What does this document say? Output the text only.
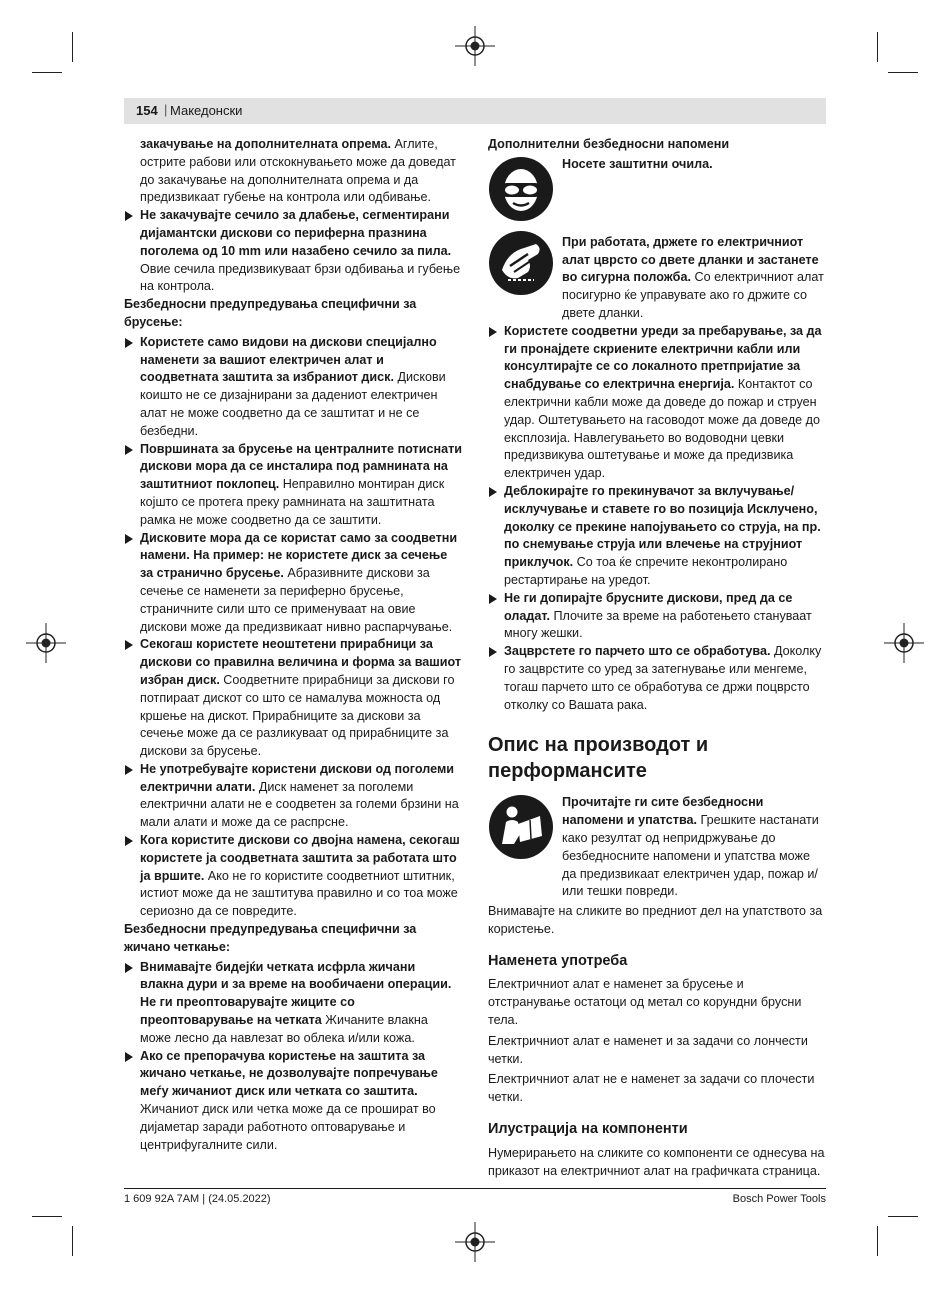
154 | Македонски

закачување на дополнителната опрема. Аглите, острите рабови или отскокнувањето може да доведат до закачување на дополнителната опрема и да предизвикаат губење на контрола или одбивање.

Не закачувајте сечило за длабење, сегментирани дијамантски дискови со периферна празнина поголема од 10 mm или назабено сечило за пила. Овие сечила предизвикуваат брзи одбивања и губење на контрола.

Безбедносни предупредувања специфични за брусење:

Користете само видови на дискови специјално наменети за вашиот електричен алат и соодветната заштита за избраниот диск. Дискови коишто не се дизајнирани за дадениот електричен алат не може соодветно да се заштитат и не се безбедни.

Површината за брусење на централните потиснати дискови мора да се инсталира под рамнината на заштитниот поклопец. Неправилно монтиран диск којшто се протега преку рамнината на заштитната рамка не може соодветно да се заштити.

Дисковите мора да се користат само за соодветни намени. На пример: не користете диск за сечење за странично брусење. Абразивните дискови за сечење се наменети за периферно брусење, страничните сили што се применуваат на овие дискови може да предизвикаат нивно распарчување.

Секогаш користете неоштетени прирабници за дискови со правилна величина и форма за вашиот избран диск. Соодветните прирабници за дискови го потпираат дискот со што се намалува можноста од кршење на дискот. Прирабниците за дискови за сечење може да се разликуваат од прирабниците за дискови за брусење.

Не употребувајте користени дискови од поголеми електрични алати. Диск наменет за поголеми електрични алати не е соодветен за големи брзини на мали алати и може да се распрсне.

Кога користите дискови со двојна намена, секогаш користете ја соодветната заштита за работата што ја вршите. Ако не го користите соодветниот штитник, истиот може да не заштитува правилно и со тоа може сериозно да се повредите.

Безбедносни предупредувања специфични за жичано четкање:

Внимавајте бидејќи четката исфрла жичани влакна дури и за време на вообичаени операции. Не ги преоптоварувајте жиците со преоптоварување на четката Жичаните влакна може лесно да навлезат во облека и/или кожа.

Ако се препорачува користење на заштита за жичано четкање, не дозволувајте попречување меѓу жичаниот диск или четката со заштита. Жичаниот диск или четка може да се прошират во дијаметар заради работното оптоварување и центрифугалните сили.

Дополнителни безбедносни напомени

Носете заштитни очила.

При работата, држете го електричниот алат цврсто со двете дланки и застанете во сигурна положба. Со електричниот алат посигурно ќе управувате ако го држите со двете дланки.

Користете соодветни уреди за пребарување, за да ги пронајдете скриените електрични кабли или консултирајте се со локалното претпријатие за снабдување со електрична енергија. Контактот со електрични кабли може да доведе до пожар и струен удар. Оштетувањето на гасоводот може да доведе до експлозија. Навлегувањето во водоводни цевки предизвикува оштетување и може да предизвика електричен удар.

Деблокирајте го прекинувачот за вклучување/исклучување и ставете го во позиција Исклучено, доколку се прекине напојувањето со струја, на пр. по снемување струја или влечење на струјниот приклучок. Со тоа ќе спречите неконтролирано рестартирање на уредот.

Не ги допирајте брусните дискови, пред да се оладат. Плочите за време на работењето стануваат многу жешки.

Зацврстете го парчето што се обработува. Доколку го зацврстите со уред за затегнување или менгеме, тогаш парчето што се обработува се држи поцврсто отколку со Вашата рака.

Опис на производот и перформансите

Прочитајте ги сите безбедносни напомени и упатства. Грешките настанати како резултат од непридржување до безбедносните напомени и упатства може да предизвикаат електричен удар, пожар и/или тешки повреди.

Внимавајте на сликите во предниот дел на упатството за користење.

Наменета употреба

Електричниот алат е наменет за брусење и отстранување остатоци од метал со корундни брусни тела.

Електричниот алат е наменет и за задачи со лончести четки.

Електричниот алат не е наменет за задачи со плочести четки.

Илустрација на компоненти

Нумерирањето на сликите со компоненти се однесува на приказот на електричниот алат на графичката страница.

1 609 92A 7AM | (24.05.2022)	Bosch Power Tools
